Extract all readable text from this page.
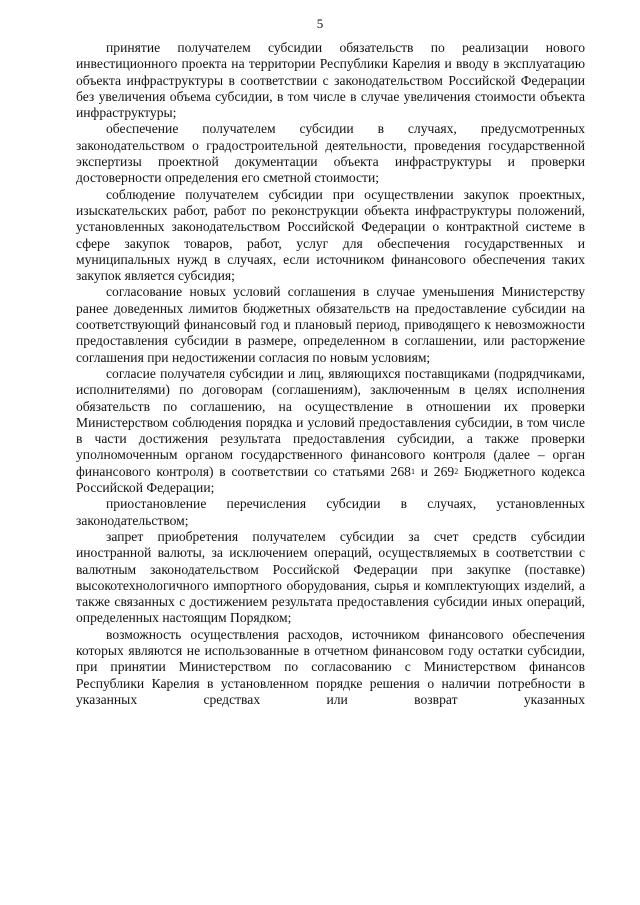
5

принятие получателем субсидии обязательств по реализации нового инвестиционного проекта на территории Республики Карелия и вводу в эксплуатацию объекта инфраструктуры в соответствии с законодательством Российской Федерации без увеличения объема субсидии, в том числе в случае увеличения стоимости объекта инфраструктуры;

обеспечение получателем субсидии в случаях, предусмотренных законодательством о градостроительной деятельности, проведения государственной экспертизы проектной документации объекта инфраструктуры и проверки достоверности определения его сметной стоимости;

соблюдение получателем субсидии при осуществлении закупок проектных, изыскательских работ, работ по реконструкции объекта инфраструктуры положений, установленных законодательством Российской Федерации о контрактной системе в сфере закупок товаров, работ, услуг для обеспечения государственных и муниципальных нужд в случаях, если источником финансового обеспечения таких закупок является субсидия;

согласование новых условий соглашения в случае уменьшения Министерству ранее доведенных лимитов бюджетных обязательств на предоставление субсидии на соответствующий финансовый год и плановый период, приводящего к невозможности предоставления субсидии в размере, определенном в соглашении, или расторжение соглашения при недостижении согласия по новым условиям;

согласие получателя субсидии и лиц, являющихся поставщиками (подрядчиками, исполнителями) по договорам (соглашениям), заключенным в целях исполнения обязательств по соглашению, на осуществление в отношении их проверки Министерством соблюдения порядка и условий предоставления субсидии, в том числе в части достижения результата предоставления субсидии, а также проверки уполномоченным органом государственного финансового контроля (далее – орган финансового контроля) в соответствии со статьями $268^1$ и $269^2$ Бюджетного кодекса Российской Федерации;

приостановление перечисления субсидии в случаях, установленных законодательством;

запрет приобретения получателем субсидии за счет средств субсидии иностранной валюты, за исключением операций, осуществляемых в соответствии с валютным законодательством Российской Федерации при закупке (поставке) высокотехнологичного импортного оборудования, сырья и комплектующих изделий, а также связанных с достижением результата предоставления субсидии иных операций, определенных настоящим Порядком;

возможность осуществления расходов, источником финансового обеспечения которых являются не использованные в отчетном финансовом году остатки субсидии, при принятии Министерством по согласованию с Министерством финансов Республики Карелия в установленном порядке решения о наличии потребности в указанных средствах или возврат указанных
